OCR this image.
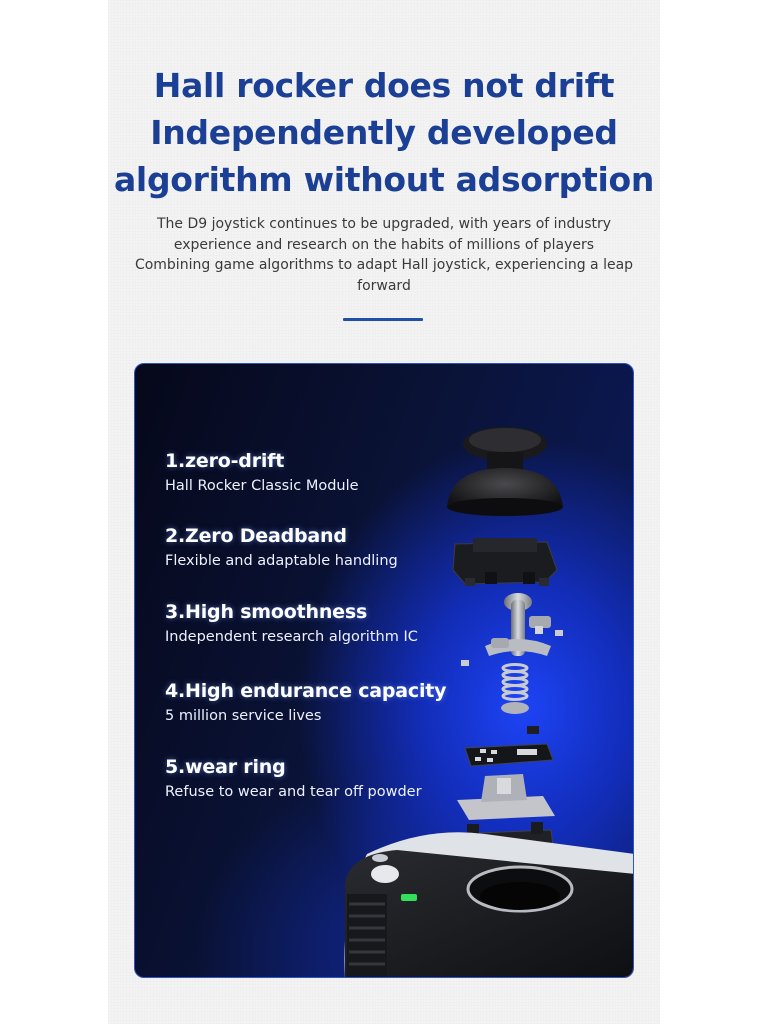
Hall rocker does not drift
Independently developed
algorithm without adsorption
The D9 joystick continues to be upgraded, with years of industry
experience and research on the habits of millions of players
Combining game algorithms to adapt Hall joystick, experiencing a leap
forward
1.zero-drift
Hall Rocker Classic Module
2.Zero Deadband
Flexible and adaptable handling
3.High smoothness
Independent research algorithm IC
4.High endurance capacity
5 million service lives
5.wear ring
Refuse to wear and tear off powder
